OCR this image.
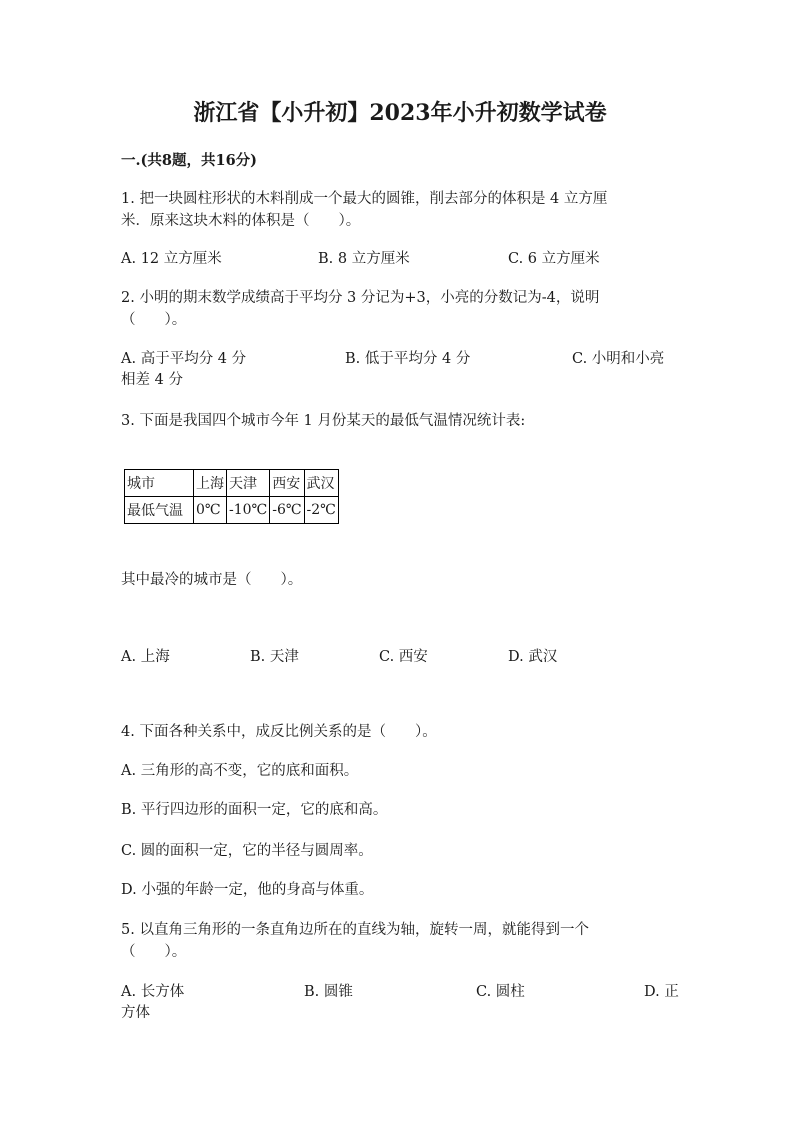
浙江省【小升初】2023年小升初数学试卷
一.(共8题，共16分)
1. 把一块圆柱形状的木料削成一个最大的圆锥，削去部分的体积是 4 立方厘
米．原来这块木料的体积是（　　）。
A. 12 立方厘米	B. 8 立方厘米	C. 6 立方厘米
2. 小明的期末数学成绩高于平均分 3 分记为+3，小亮的分数记为-4，说明
（　　）。
A. 高于平均分 4 分	B. 低于平均分 4 分	C. 小明和小亮
相差 4 分
3. 下面是我国四个城市今年 1 月份某天的最低气温情况统计表:
城市	上海	天津	西安	武汉
最低气温	0℃	-10℃	-6℃	-2℃
其中最冷的城市是（　　）。
A. 上海	B. 天津	C. 西安	D. 武汉
4. 下面各种关系中，成反比例关系的是（　　）。
A. 三角形的高不变，它的底和面积。
B. 平行四边形的面积一定，它的底和高。
C. 圆的面积一定，它的半径与圆周率。
D. 小强的年龄一定，他的身高与体重。
5. 以直角三角形的一条直角边所在的直线为轴，旋转一周，就能得到一个
（　　）。
A. 长方体	B. 圆锥	C. 圆柱	D. 正
方体
